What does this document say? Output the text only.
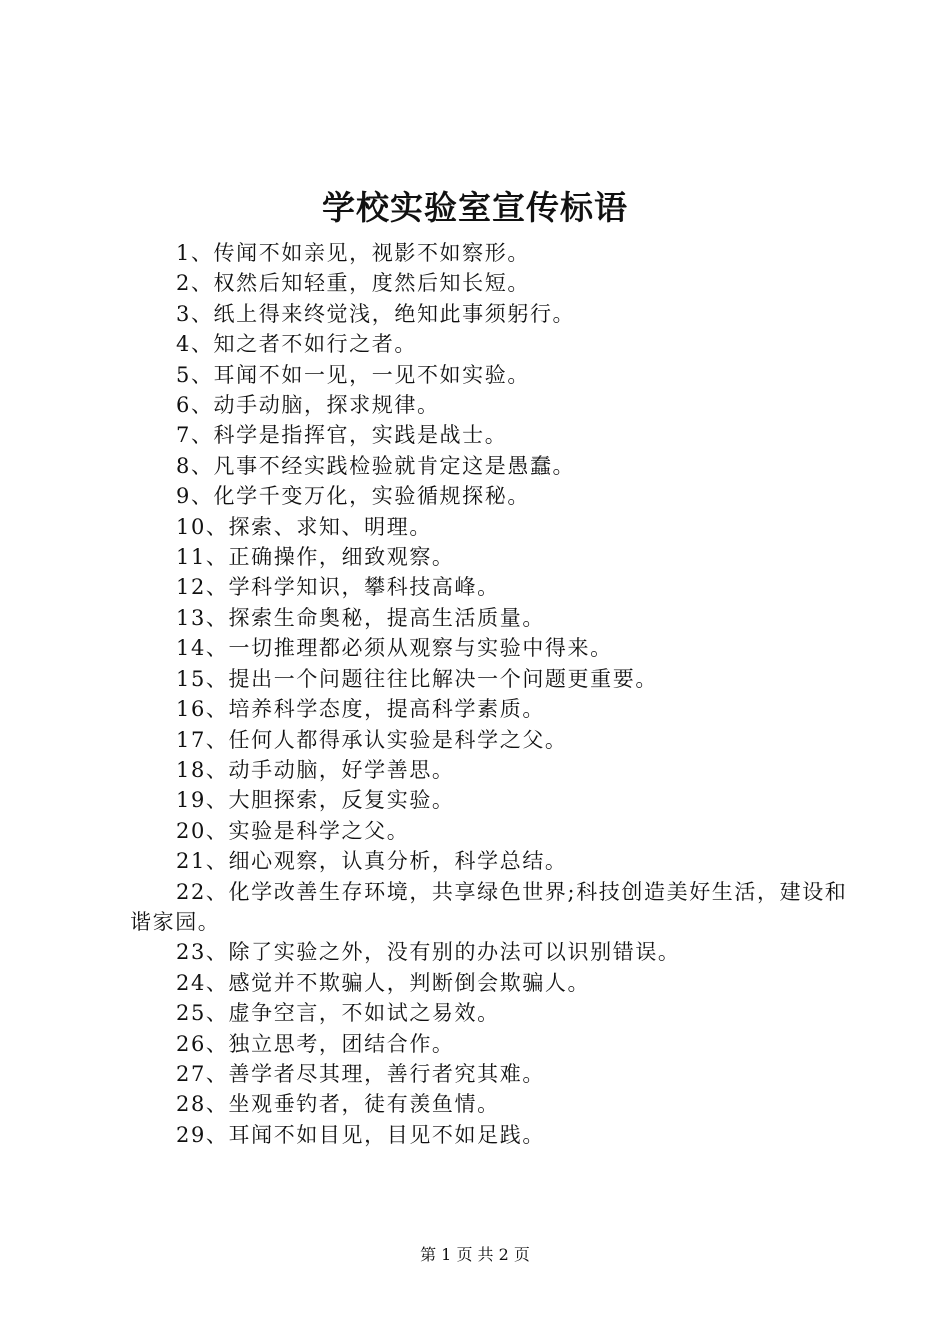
学校实验室宣传标语
1、传闻不如亲见，视影不如察形。
2、权然后知轻重，度然后知长短。
3、纸上得来终觉浅，绝知此事须躬行。
4、知之者不如行之者。
5、耳闻不如一见，一见不如实验。
6、动手动脑，探求规律。
7、科学是指挥官，实践是战士。
8、凡事不经实践检验就肯定这是愚蠢。
9、化学千变万化，实验循规探秘。
10、探索、求知、明理。
11、正确操作，细致观察。
12、学科学知识，攀科技高峰。
13、探索生命奥秘，提高生活质量。
14、一切推理都必须从观察与实验中得来。
15、提出一个问题往往比解决一个问题更重要。
16、培养科学态度，提高科学素质。
17、任何人都得承认实验是科学之父。
18、动手动脑，好学善思。
19、大胆探索，反复实验。
20、实验是科学之父。
21、细心观察，认真分析，科学总结。
22、化学改善生存环境，共享绿色世界;科技创造美好生活，建设和谐家园。
23、除了实验之外，没有别的办法可以识别错误。
24、感觉并不欺骗人，判断倒会欺骗人。
25、虚争空言，不如试之易效。
26、独立思考，团结合作。
27、善学者尽其理，善行者究其难。
28、坐观垂钓者，徒有羡鱼情。
29、耳闻不如目见，目见不如足践。
第 1 页 共 2 页
